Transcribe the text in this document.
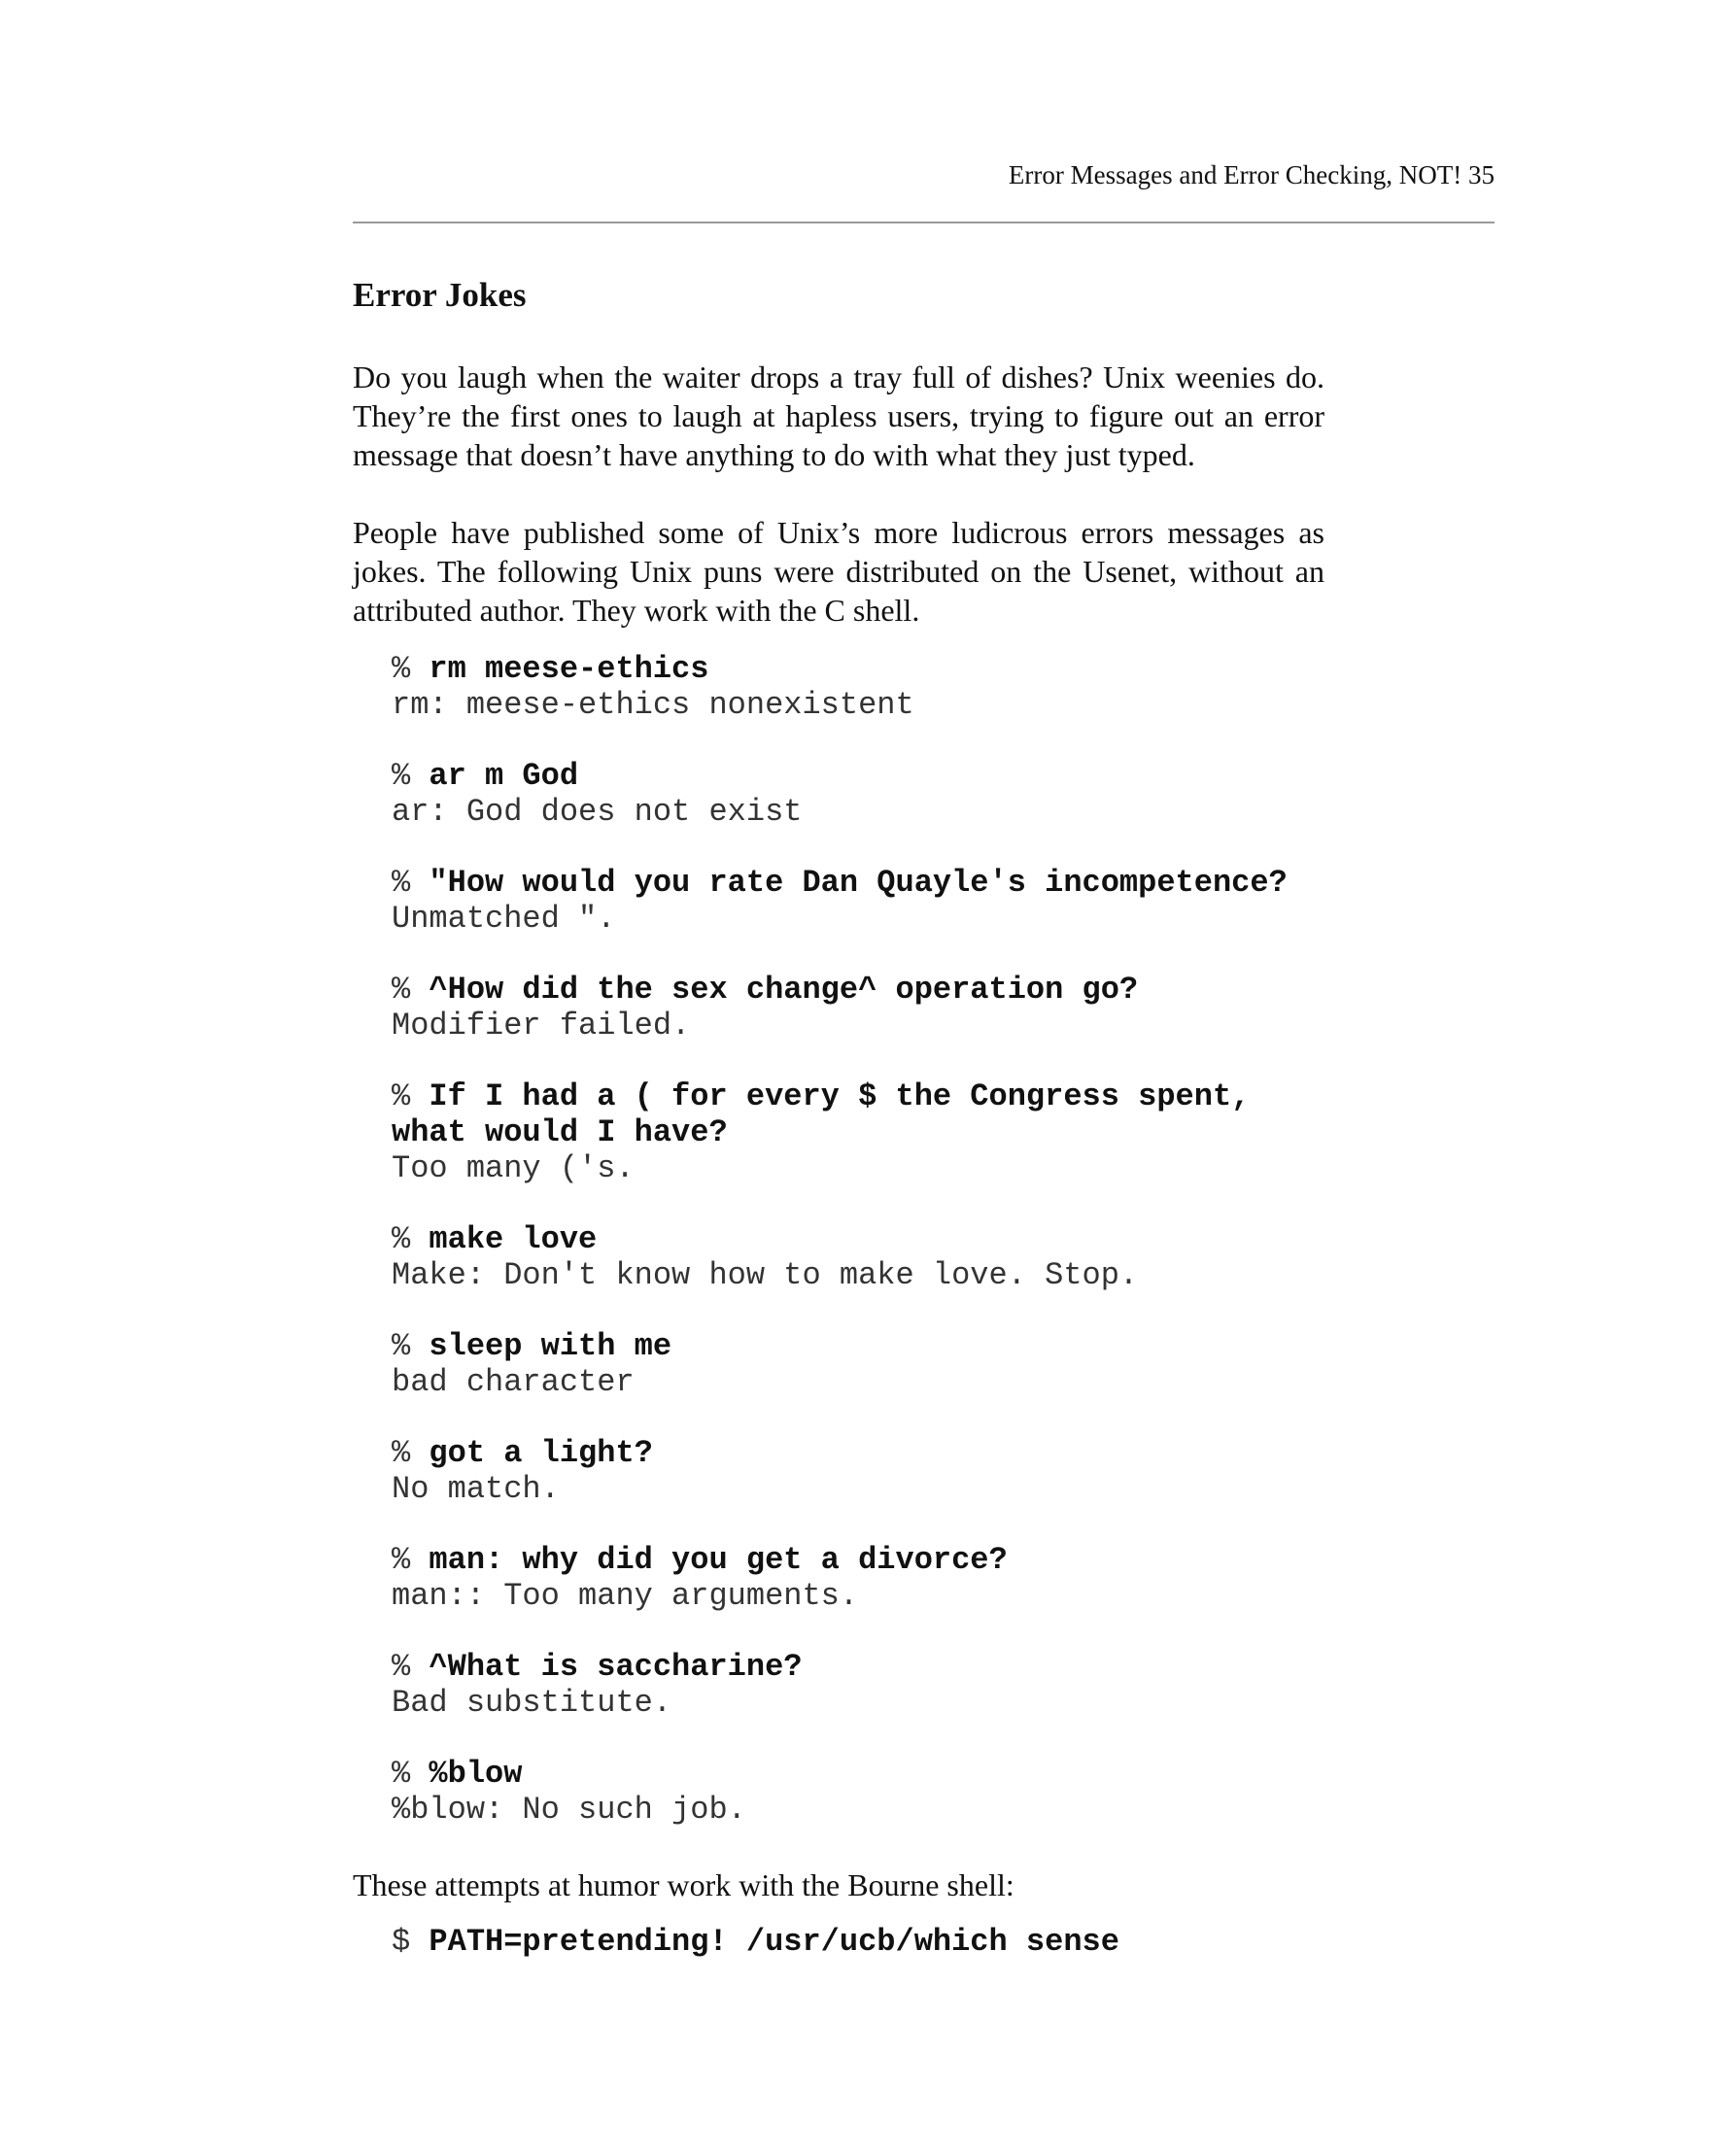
Error Messages and Error Checking, NOT! 35
Error Jokes

Do you laugh when the waiter drops a tray full of dishes? Unix weenies do.
They’re the first ones to laugh at hapless users, trying to figure out an error
message that doesn’t have anything to do with what they just typed.

People have published some of Unix’s more ludicrous errors messages as
jokes. The following Unix puns were distributed on the Usenet, without an
attributed author. They work with the C shell.

% rm meese-ethics
rm: meese-ethics nonexistent
% ar m God
ar: God does not exist
% "How would you rate Dan Quayle's incompetence?
Unmatched ".
% ^How did the sex change^ operation go?
Modifier failed.
% If I had a ( for every $ the Congress spent,
what would I have?
Too many ('s.
% make love
Make: Don't know how to make love. Stop.
% sleep with me
bad character
% got a light?
No match.
% man: why did you get a divorce?
man:: Too many arguments.
% ^What is saccharine?
Bad substitute.
% %blow
%blow: No such job.

These attempts at humor work with the Bourne shell:

$ PATH=pretending! /usr/ucb/which sense
